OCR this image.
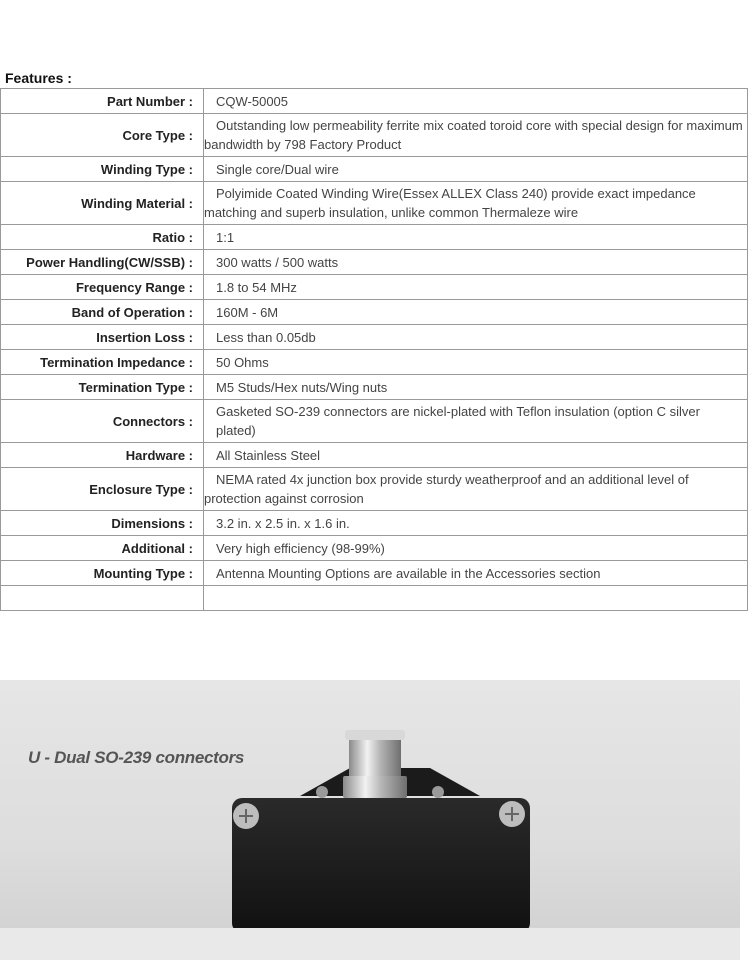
Features :
Part Number :	CQW-50005
Core Type :	Outstanding low permeability ferrite mix coated toroid core with special design for maximum bandwidth by 798 Factory Product
Winding Type :	Single core/Dual wire
Winding Material :	Polyimide Coated Winding Wire(Essex ALLEX Class 240) provide exact impedance matching and superb insulation, unlike common Thermaleze wire
Ratio :	1:1
Power Handling(CW/SSB) :	300 watts / 500 watts
Frequency Range :	1.8 to 54 MHz
Band of Operation :	160M - 6M
Insertion Loss :	Less than 0.05db
Termination Impedance :	50 Ohms
Termination Type :	M5 Studs/Hex nuts/Wing nuts
Connectors :	Gasketed SO-239 connectors are nickel-plated with Teflon insulation (option C silver plated)
Hardware :	All Stainless Steel
Enclosure Type :	NEMA rated 4x junction box provide sturdy weatherproof and an additional level of protection against corrosion
Dimensions :	3.2 in. x 2.5 in. x 1.6 in.
Additional :	Very high efficiency (98-99%)
Mounting Type :	Antenna Mounting Options are available in the Accessories section

U - Dual SO-239 connectors
